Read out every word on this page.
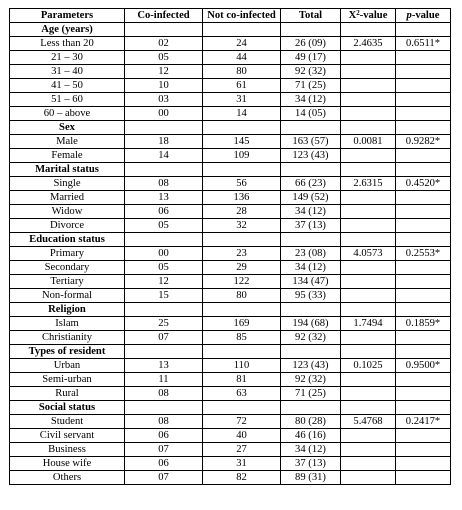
Parameters	Co-infected	Not co-infected	Total	$X^2$-value	p-value
Age (years)					
Less than 20	02	24	26 (09)	2.4635	0.6511*
21 – 30	05	44	49 (17)		
31 – 40	12	80	92 (32)		
41 – 50	10	61	71 (25)		
51 – 60	03	31	34 (12)		
60 – above	00	14	14 (05)		
Sex					
Male	18	145	163 (57)	0.0081	0.9282*
Female	14	109	123 (43)		
Marital status					
Single	08	56	66 (23)	2.6315	0.4520*
Married	13	136	149 (52)		
Widow	06	28	34 (12)		
Divorce	05	32	37 (13)		
Education status					
Primary	00	23	23 (08)	4.0573	0.2553*
Secondary	05	29	34 (12)		
Tertiary	12	122	134 (47)		
Non-formal	15	80	95 (33)		
Religion					
Islam	25	169	194 (68)	1.7494	0.1859*
Christianity	07	85	92 (32)		
Types of resident					
Urban	13	110	123 (43)	0.1025	0.9500*
Semi-urban	11	81	92 (32)		
Rural	08	63	71 (25)		
Social status					
Student	08	72	80 (28)	5.4768	0.2417*
Civil servant	06	40	46 (16)		
Business	07	27	34 (12)		
House wife	06	31	37 (13)		
Others	07	82	89 (31)		
